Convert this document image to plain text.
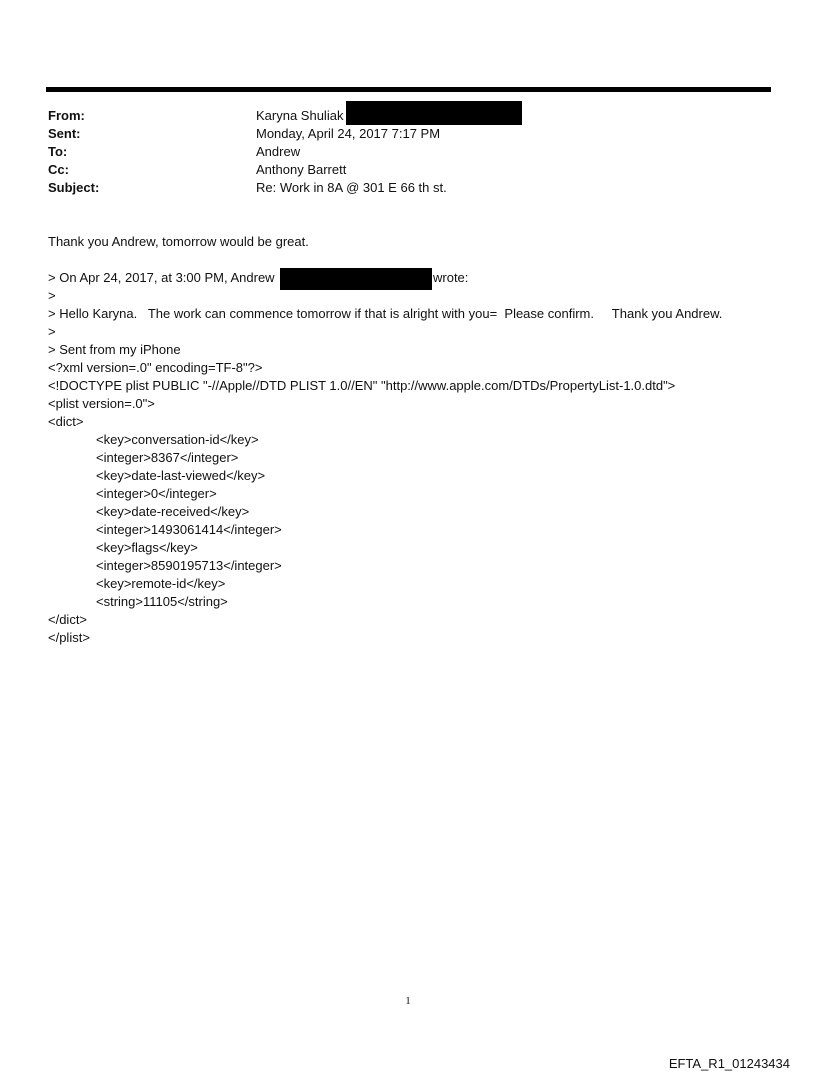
From:	Karyna Shuliak
Sent:	Monday, April 24, 2017 7:17 PM
To:	Andrew
Cc:	Anthony Barrett
Subject:	Re: Work in 8A @ 301 E 66 th st.
Thank you Andrew, tomorrow would be great.
> On Apr 24, 2017, at 3:00 PM, Andrew	wrote:
>
> Hello Karyna.   The work can commence tomorrow if that is alright with you=  Please confirm.     Thank you Andrew.
>
> Sent from my iPhone
<?xml version=.0" encoding=TF-8"?>
<!DOCTYPE plist PUBLIC "-//Apple//DTD PLIST 1.0//EN" "http://www.apple.com/DTDs/PropertyList-1.0.dtd">
<plist version=.0">
<dict>
<key>conversation-id</key>
<integer>8367</integer>
<key>date-last-viewed</key>
<integer>0</integer>
<key>date-received</key>
<integer>1493061414</integer>
<key>flags</key>
<integer>8590195713</integer>
<key>remote-id</key>
<string>11105</string>
</dict>
</plist>
1
EFTA_R1_01243434
